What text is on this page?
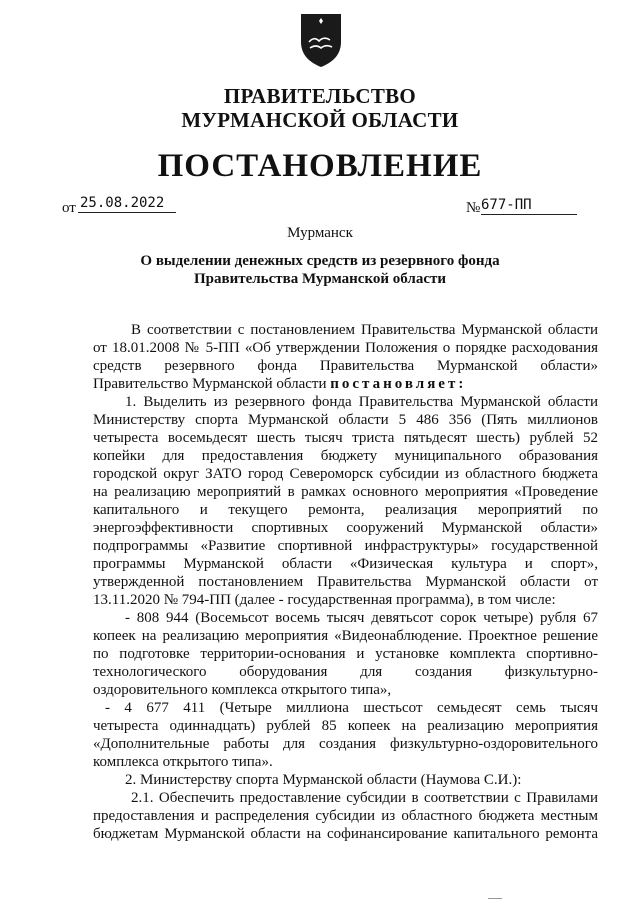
ПРАВИТЕЛЬСТВО
МУРМАНСКОЙ ОБЛАСТИ
ПОСТАНОВЛЕНИЕ
от 25.08.2022	№ 677-ПП
Мурманск
О выделении денежных средств из резервного фонда
Правительства Мурманской области
В соответствии с постановлением Правительства Мурманской области
от 18.01.2008 № 5-ПП «Об утверждении Положения о порядке расходования
средств резервного фонда Правительства Мурманской области»
Правительство Мурманской области постановляет:
1. Выделить из резервного фонда Правительства Мурманской области
Министерству спорта Мурманской области 5 486 356 (Пять миллионов
четыреста восемьдесят шесть тысяч триста пятьдесят шесть) рублей 52
копейки для предоставления бюджету муниципального образования
городской округ ЗАТО город Североморск субсидии из областного бюджета
на реализацию мероприятий в рамках основного мероприятия «Проведение
капитального и текущего ремонта, реализация мероприятий по
энергоэффективности спортивных сооружений Мурманской области»
подпрограммы «Развитие спортивной инфраструктуры» государственной
программы Мурманской области «Физическая культура и спорт»,
утвержденной постановлением Правительства Мурманской области от
13.11.2020 № 794-ПП (далее - государственная программа), в том числе:
- 808 944 (Восемьсот восемь тысяч девятьсот сорок четыре) рубля 67
копеек на реализацию мероприятия «Видеонаблюдение. Проектное решение
по подготовке территории-основания и установке комплекта спортивно-
технологического оборудования для создания физкультурно-
оздоровительного комплекса открытого типа»,
- 4 677 411 (Четыре миллиона шестьсот семьдесят семь тысяч
четыреста одиннадцать) рублей 85 копеек на реализацию мероприятия
«Дополнительные работы для создания физкультурно-оздоровительного
комплекса открытого типа».
2. Министерству спорта Мурманской области (Наумова С.И.):
2.1. Обеспечить предоставление субсидии в соответствии с Правилами
предоставления и распределения субсидии из областного бюджета местным
бюджетам Мурманской области на софинансирование капитального ремонта
